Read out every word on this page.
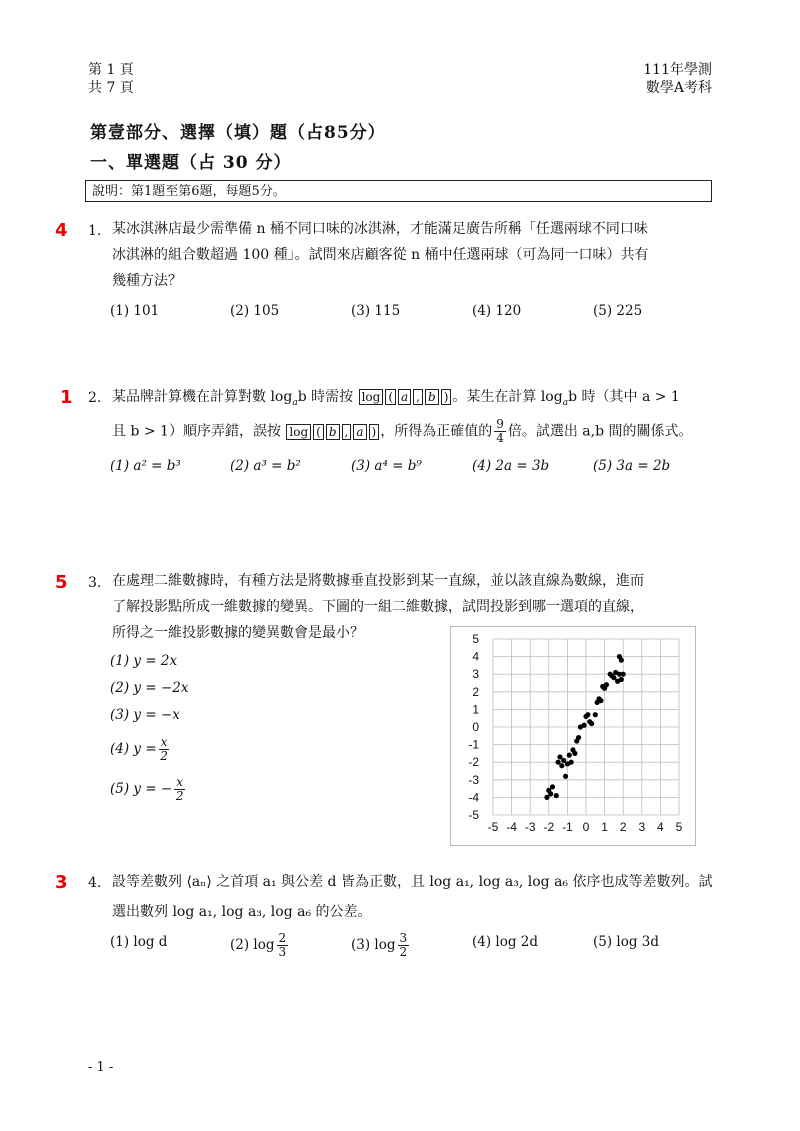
第 1 頁
共 7 頁
111年學測
數學A考科
第壹部分、選擇（填）題（占85分）
一、單選題（占 30 分）
說明：第1題至第6題，每題5分。
4 1. 某冰淇淋店最少需準備 n 桶不同口味的冰淇淋，才能滿足廣告所稱「任選兩球不同口味
冰淇淋的組合數超過 100 種」。試問來店顧客從 n 桶中任選兩球（可為同一口味）共有
幾種方法？
(1) 101	(2) 105	(3) 115	(4) 120	(5) 225
1 2. 某品牌計算機在計算對數 $\log_ab$ 時需按 log ( a , b ) 。某生在計算 $\log_ab$ 時（其中 a > 1
且 b > 1）順序弄錯，誤按 log ( b , a ) ，所得為正確值的 $\frac{9}{4}$ 倍。試選出 a,b 間的關係式。
(1) a² = b³	(2) a³ = b²	(3) a⁴ = b⁹	(4) 2a = 3b	(5) 3a = 2b
5 3. 在處理二維數據時，有種方法是將數據垂直投影到某一直線，並以該直線為數線，進而
了解投影點所成一維數據的變異。下圖的一組二維數據，試問投影到哪一選項的直線，
所得之一維投影數據的變異數會是最小？
(1) y = 2x
(2) y = −2x
(3) y = −x
(4) $y = \frac{x}{2}$
(5) y = − $\frac{x}{2}$
-5 -4 -3 -2 -1 0 1 2 3 4 5
5
4
3
2
1
0
-1
-2
-3
-4
-5
3 4. 設等差數列 ⟨aₙ⟩ 之首項 a₁ 與公差 d 皆為正數，且 log a₁, log a₃, log a₆ 依序也成等差數列。試
選出數列 log a₁, log a₃, log a₆ 的公差。
(1) log d	(2) $\log \frac{2}{3}$	(3) $\log \frac{3}{2}$	(4) log 2d	(5) log 3d
- 1 -
